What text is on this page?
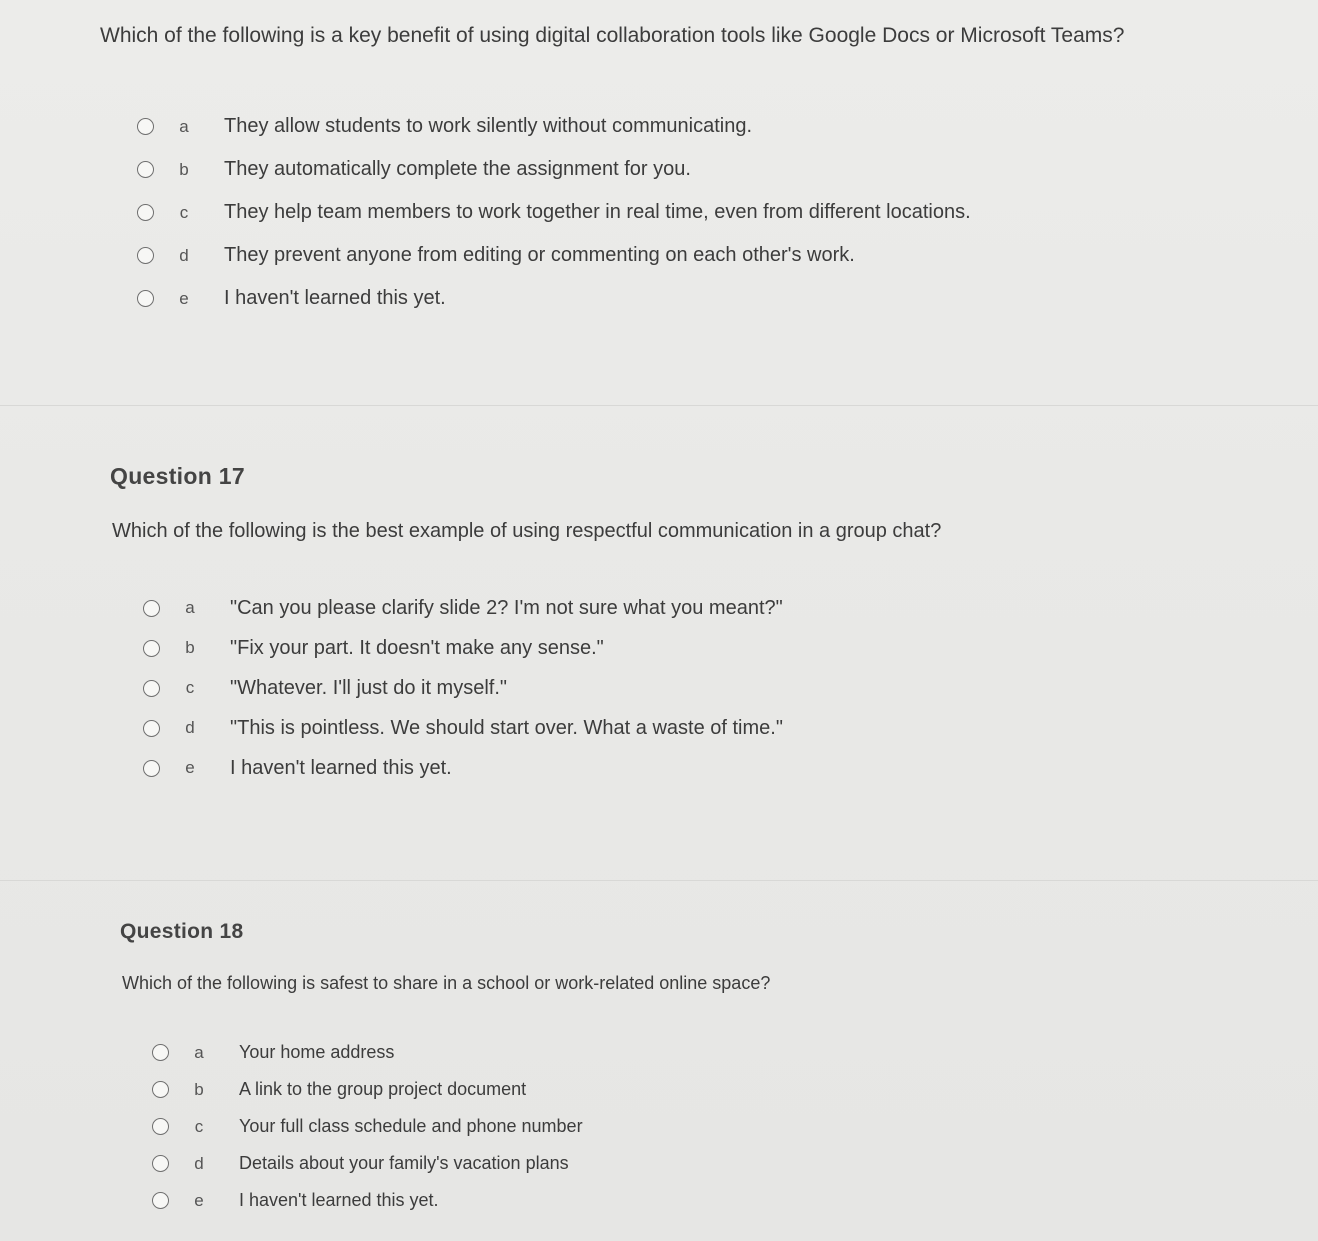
Which of the following is a key benefit of using digital collaboration tools like Google Docs or Microsoft Teams?
a	They allow students to work silently without communicating.
b	They automatically complete the assignment for you.
c	They help team members to work together in real time, even from different locations.
d	They prevent anyone from editing or commenting on each other's work.
e	I haven't learned this yet.
Question 17
Which of the following is the best example of using respectful communication in a group chat?
a	"Can you please clarify slide 2? I'm not sure what you meant?"
b	"Fix your part. It doesn't make any sense."
c	"Whatever. I'll just do it myself."
d	"This is pointless. We should start over. What a waste of time."
e	I haven't learned this yet.
Question 18
Which of the following is safest to share in a school or work-related online space?
a	Your home address
b	A link to the group project document
c	Your full class schedule and phone number
d	Details about your family's vacation plans
e	I haven't learned this yet.
